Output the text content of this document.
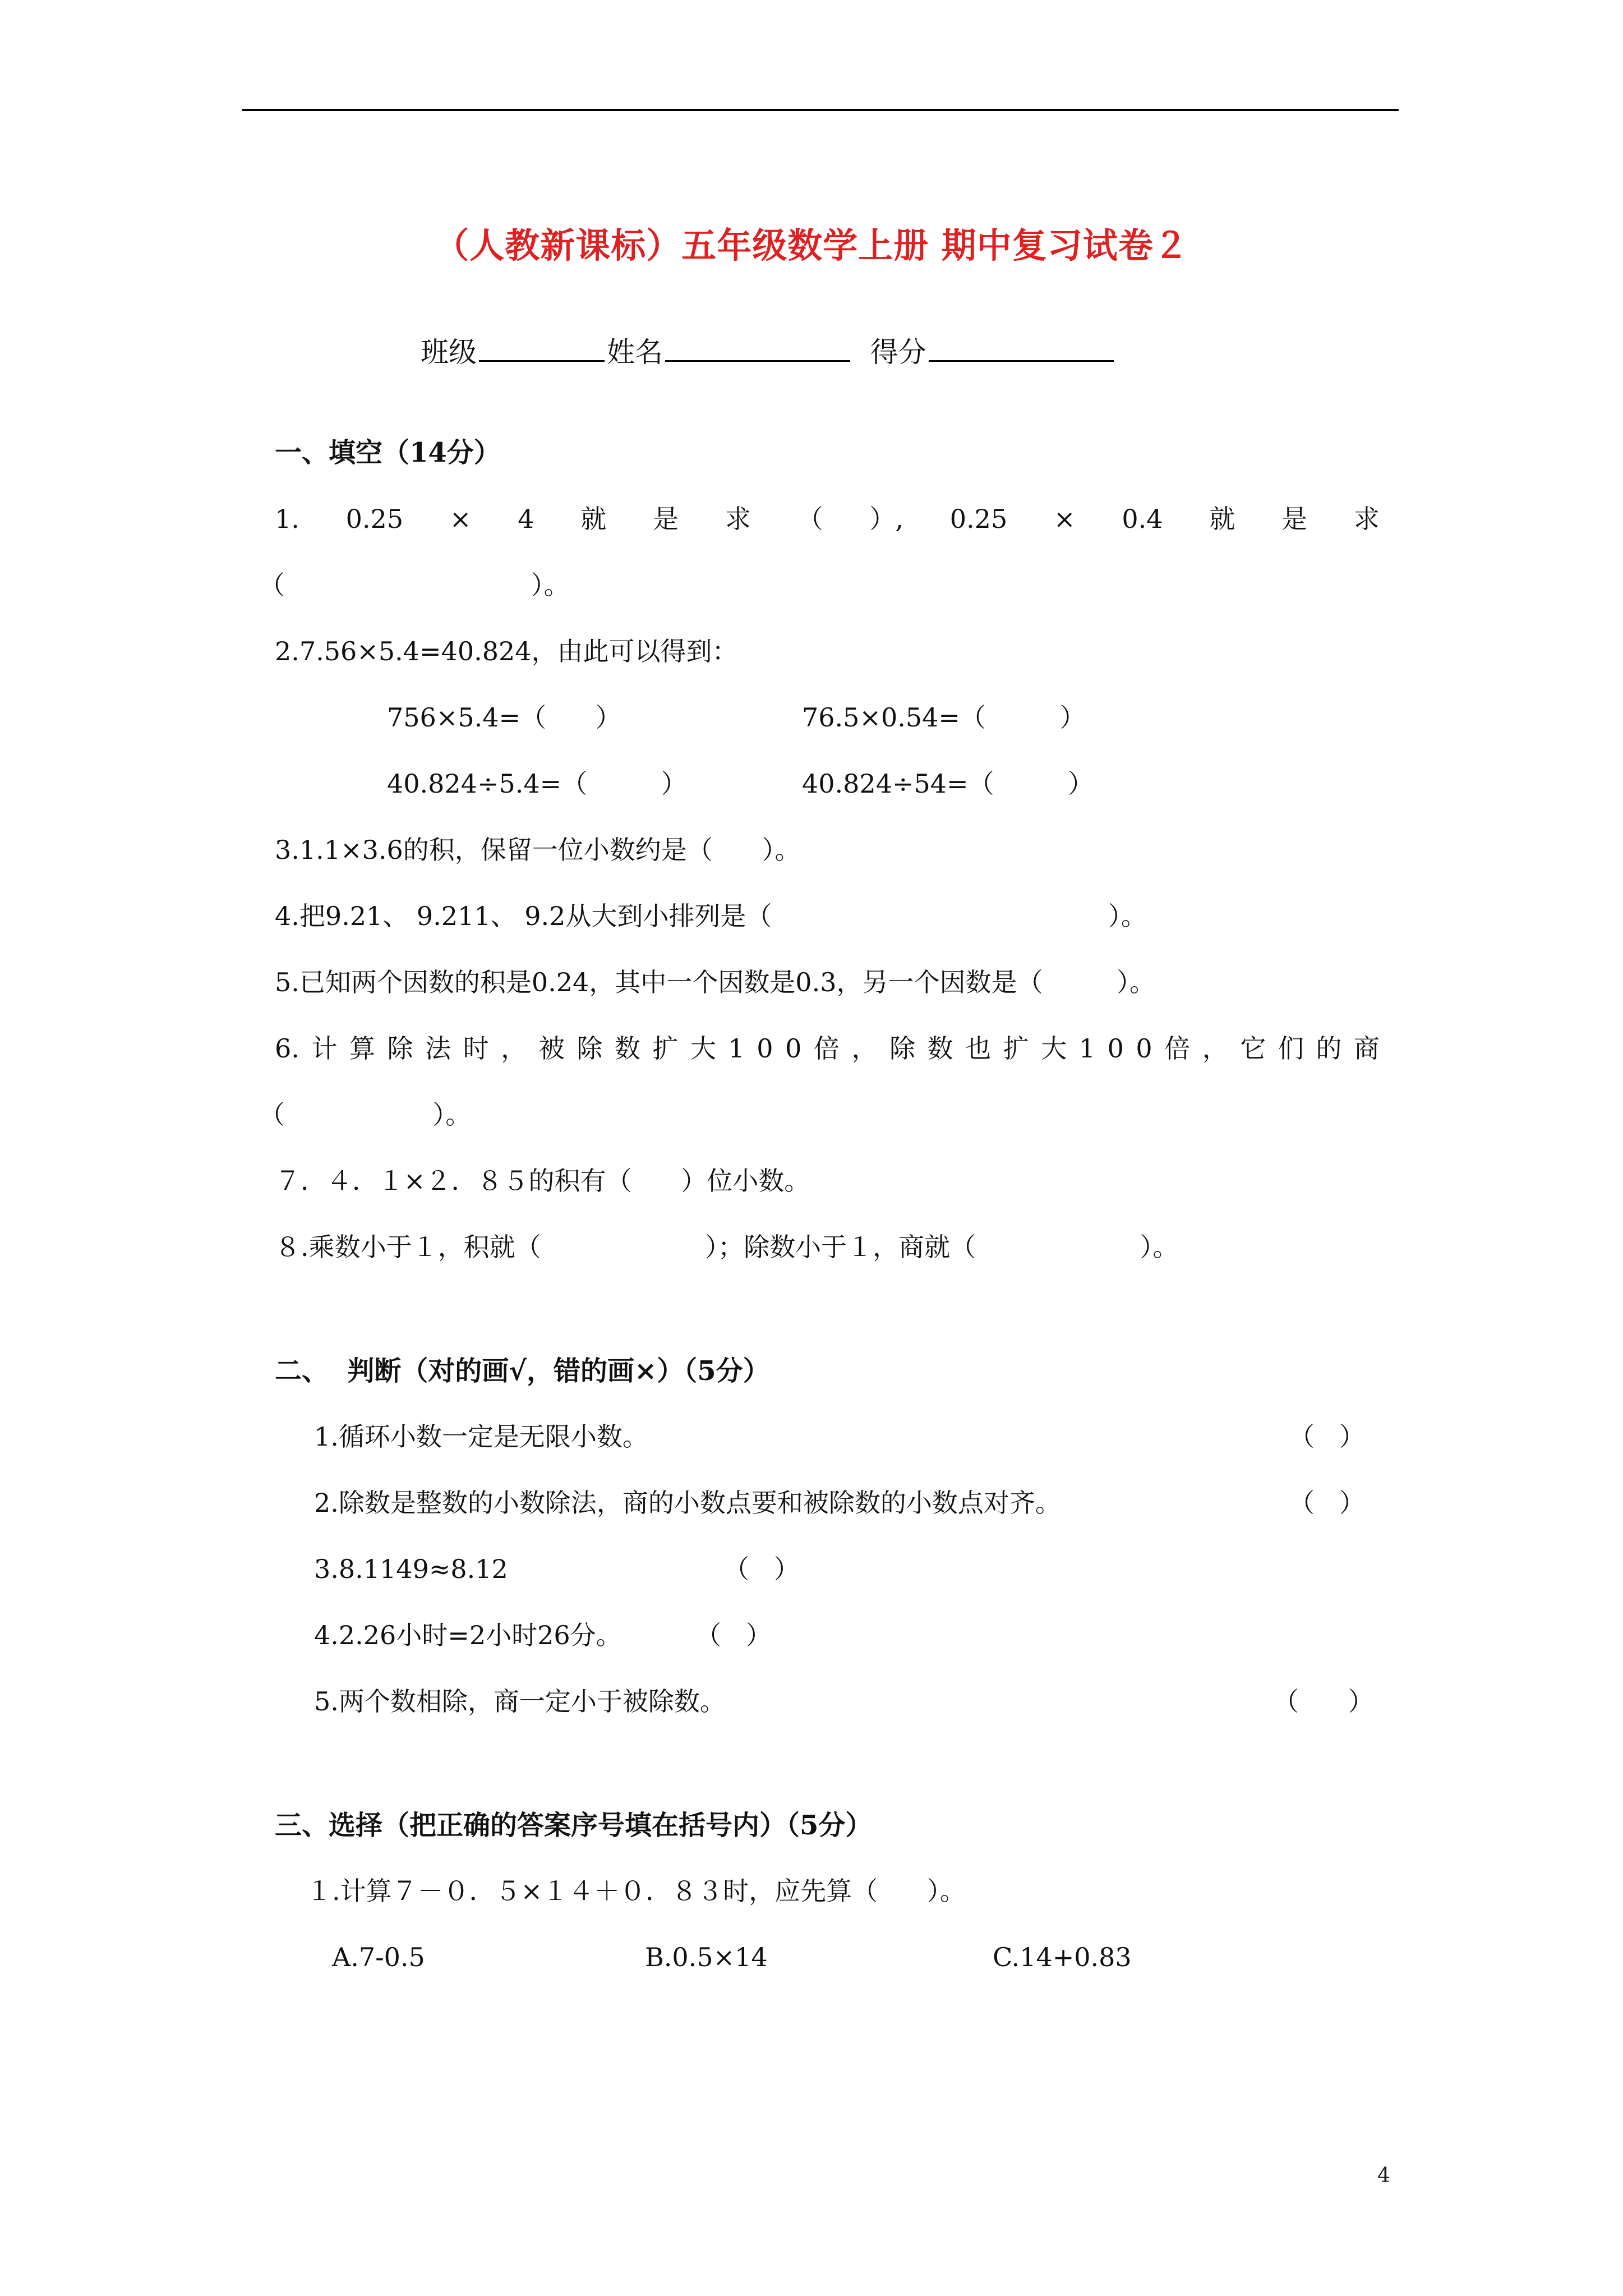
（人教新课标）五年级数学上册 期中复习试卷２
班级	姓名	得分
一、填空（14分）
1. 0.25 × 4 就 是 求 （ ）, 0.25 × 0.4 就 是 求
（                              ）。
2.7.56×5.4=40.824，由此可以得到：
756×5.4=（      ）	76.5×0.54=（         ）
40.824÷5.4=（         ）	40.824÷54=（         ）
3.1.1×3.6的积，保留一位小数约是（      ）。
4.把9.21、 9.211、 9.2从大到小排列是（                                         ）。
5.已知两个因数的积是0.24，其中一个因数是0.3，另一个因数是（         ）。
6. 计 算 除 法 时 ， 被 除 数 扩 大 1 0 0 倍 ， 除 数 也 扩 大 1 0 0 倍 ， 它 们 的 商
（                  ）。
７．４．１×２．８５的积有（      ）位小数。
８.乘数小于１，积就（                    ）；除数小于１，商就（                    ）。
二、  判断（对的画√，错的画×）（5分）
1.循环小数一定是无限小数。	（   ）
2.除数是整数的小数除法，商的小数点要和被除数的小数点对齐。	（   ）
3.8.1149≈8.12	（   ）
4.2.26小时=2小时26分。	（   ）
5.两个数相除，商一定小于被除数。	（      ）
三、选择（把正确的答案序号填在括号内）（5分）
１.计算７－０．５×１４＋０．８３时，应先算（      ）。
A.7-0.5	B.0.5×14	C.14+0.83
4
